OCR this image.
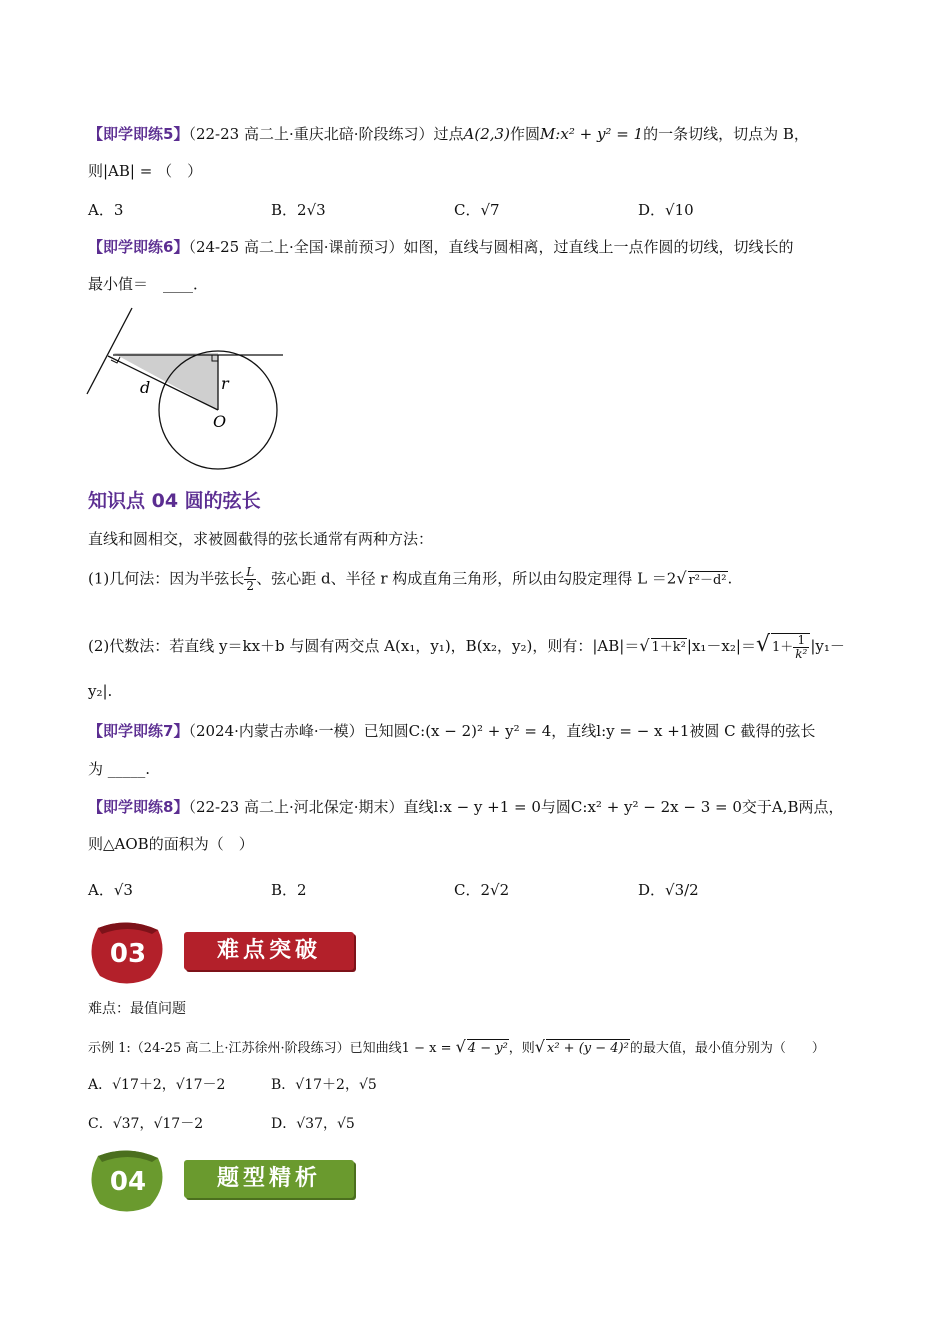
【即学即练5】（22-23 高二上·重庆北碚·阶段练习）过点A(2,3)作圆M:x² + y² = 1的一条切线，切点为 B，
则|AB| = （　）
A．3	B．2√3	C．√7	D．√10
【即学即练6】（24-25 高二上·全国·课前预习）如图，直线与圆相离，过直线上一点作圆的切线，切线长的
最小值＝　____．
d	r
O
知识点 04 圆的弦长
直线和圆相交，求被圆截得的弦长通常有两种方法：
(1)几何法：因为半弦长 $\frac{L}{2}$ 、弦心距 d、半径 r 构成直角三角形，所以由勾股定理得 L ＝2√ r²－d².
(2)代数法：若直线 y＝kx＋b 与圆有两交点 A(x₁，y₁)，B(x₂，y₂)，则有：|AB|＝√ 1＋k²|x₁－x₂|＝√ $1+ \frac{1}{\text{k²}} |y_1-$
y₂|.
【即学即练7】（2024·内蒙古赤峰·一模）已知圆C:(x − 2)² + y² = 4，直线l:y = − x +1被圆 C 截得的弦长
为 _____.
【即学即练8】（22-23 高二上·河北保定·期末）直线l:x − y +1 = 0与圆C:x² + y² − 2x − 3 = 0交于A,B两点，
则△AOB的面积为（　）
A．√3	B．2	C．2√2	D．√3/2
03	难点突破
难点：最值问题
示例 1:（24-25 高二上·江苏徐州·阶段练习）已知曲线1 − x = √ 4 − y²，则√ x² + (y − 4)²的最大值，最小值分别为（　　）
A．√17＋2，√17－2	B．√17＋2，√5
C．√37，√17－2	D．√37，√5
04	题型精析
